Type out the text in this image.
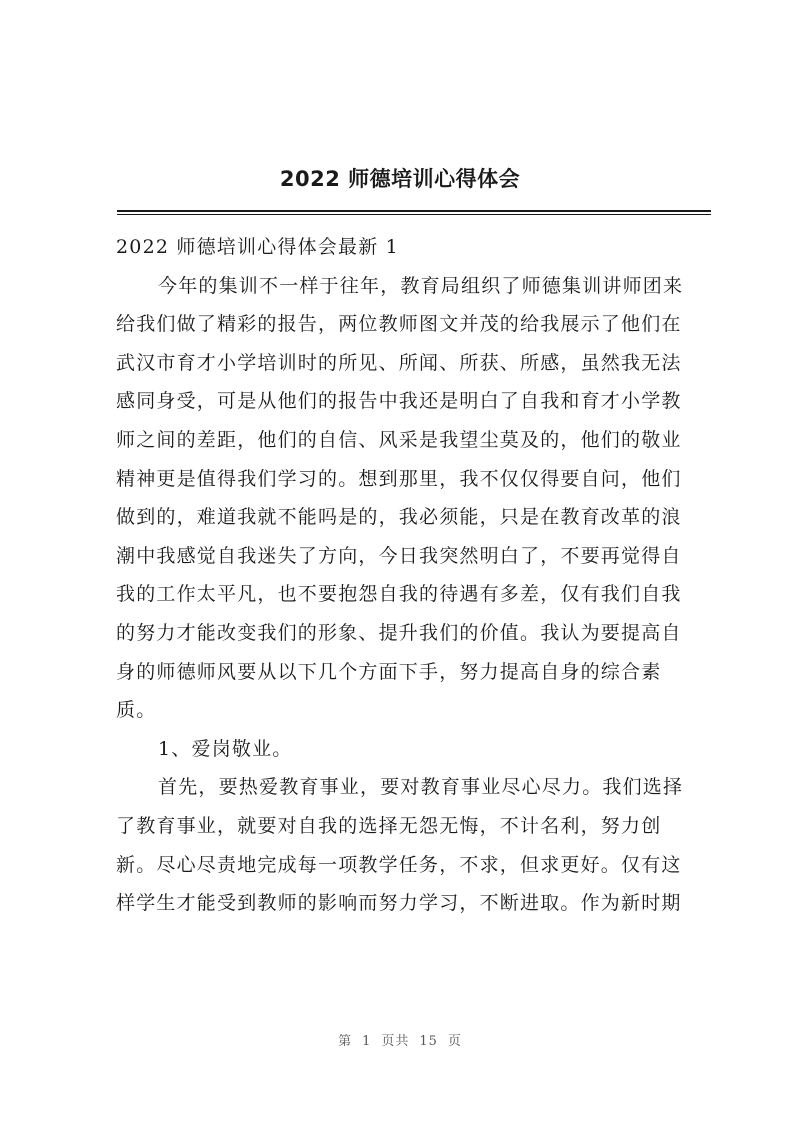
2022 师德培训心得体会
2022 师德培训心得体会最新 1
今年的集训不一样于往年，教育局组织了师德集训讲师团来
给我们做了精彩的报告，两位教师图文并茂的给我展示了他们在
武汉市育才小学培训时的所见、所闻、所获、所感，虽然我无法
感同身受，可是从他们的报告中我还是明白了自我和育才小学教
师之间的差距，他们的自信、风采是我望尘莫及的，他们的敬业
精神更是值得我们学习的。想到那里，我不仅仅得要自问，他们
做到的，难道我就不能吗是的，我必须能，只是在教育改革的浪
潮中我感觉自我迷失了方向，今日我突然明白了，不要再觉得自
我的工作太平凡，也不要抱怨自我的待遇有多差，仅有我们自我
的努力才能改变我们的形象、提升我们的价值。我认为要提高自
身的师德师风要从以下几个方面下手，努力提高自身的综合素
质。
1、爱岗敬业。
首先，要热爱教育事业，要对教育事业尽心尽力。我们选择
了教育事业，就要对自我的选择无怨无悔，不计名利，努力创
新。尽心尽责地完成每一项教学任务，不求，但求更好。仅有这
样学生才能受到教师的影响而努力学习，不断进取。作为新时期
第 1 页共 15 页
